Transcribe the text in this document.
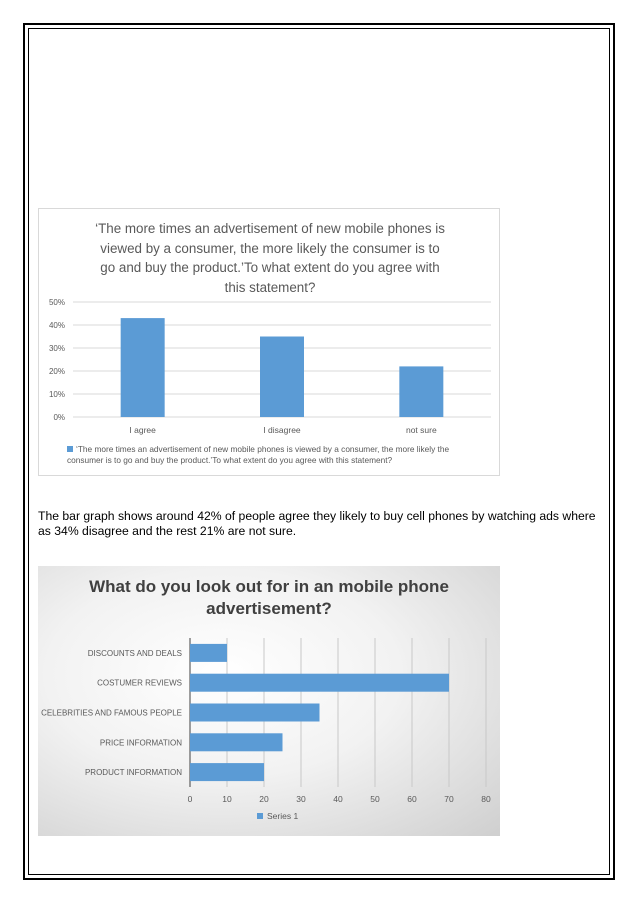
‘The more times an advertisement of new mobile phones is
viewed by a consumer, the more likely the consumer is to
go and buy the product.’To what extent do you agree with
this statement?
0%
10%
20%
30%
40%
50%
I agree	I disagree	not sure
‘The more times an advertisement of new mobile phones is viewed by a consumer, the more likely the consumer is to go and buy the product.’To what extent do you agree with this statement?

The bar graph shows around 42% of people agree they likely to buy cell phones by watching ads where as 34% disagree and the rest 21% are not sure.

What do you look out for in an mobile phone
advertisement?
0	10	20	30	40	50	60	70	80
PRODUCT INFORMATION
PRICE INFORMATION
CELEBRITIES AND FAMOUS PEOPLE
COSTUMER REVIEWS
DISCOUNTS AND DEALS
Series 1
